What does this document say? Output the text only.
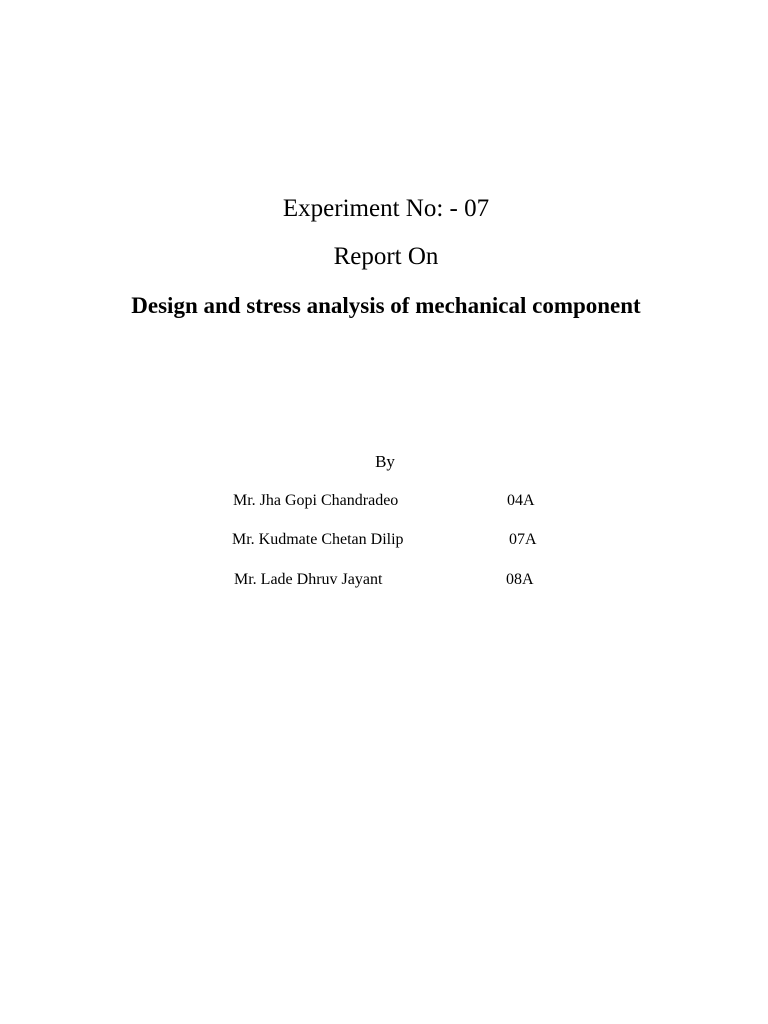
Experiment No: - 07
Report On
Design and stress analysis of mechanical component
By
Mr. Jha Gopi Chandradeo	04A
Mr. Kudmate Chetan Dilip	07A
Mr. Lade Dhruv Jayant	08A
